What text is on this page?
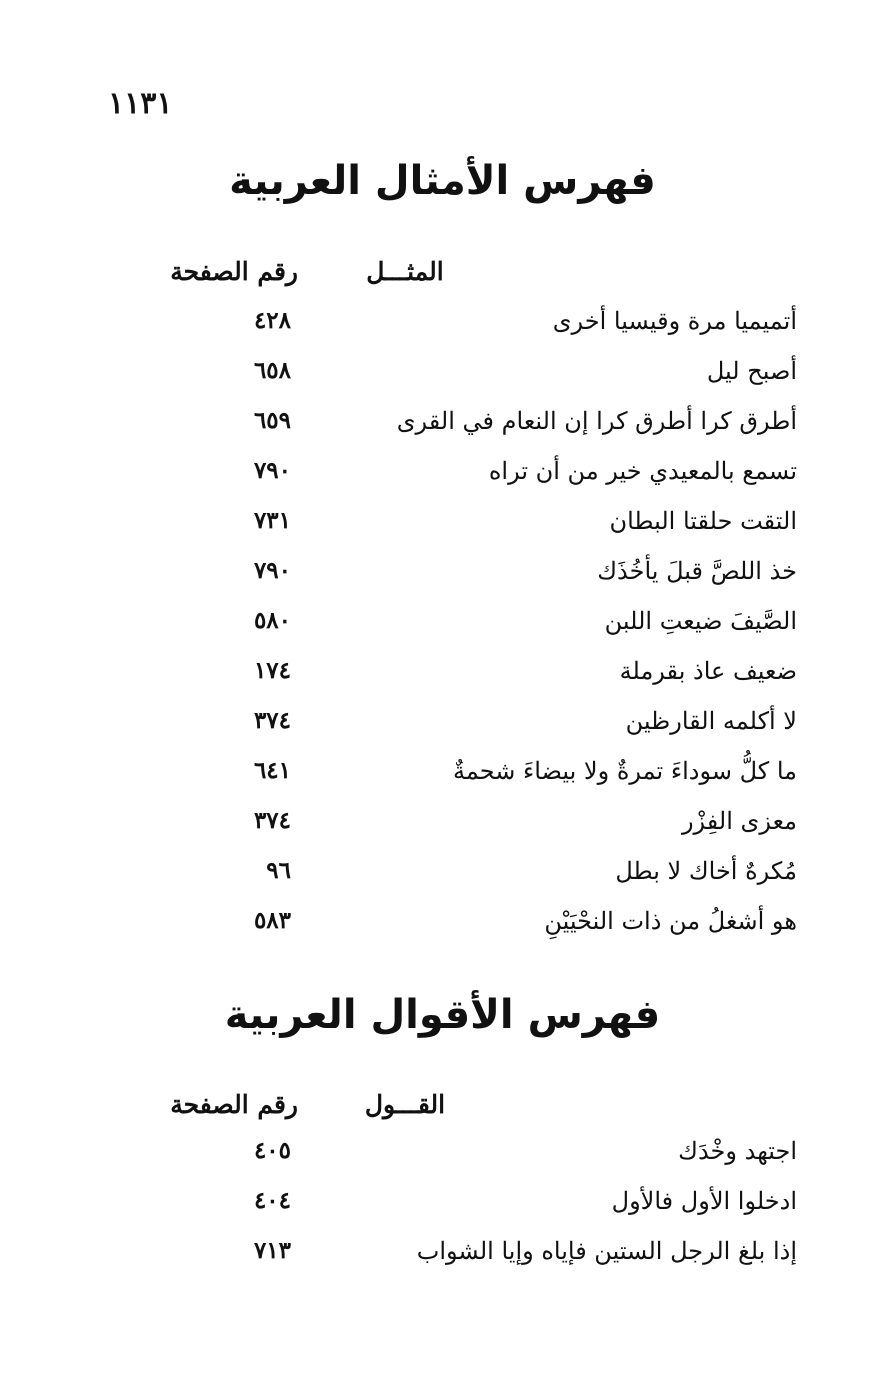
١١٣١
فهرس الأمثال العربية
المثـــل
رقم الصفحة
أتميميا مرة وقيسيا أخرى
٤٢٨
أصبح ليل
٦٥٨
أطرق كرا أطرق كرا إن النعام في القرى
٦٥٩
تسمع بالمعيدي خير من أن تراه
٧٩٠
التقت حلقتا البطان
٧٣١
خذ اللصَّ قبلَ يأخُذَك
٧٩٠
الصَّيفَ ضيعتِ اللبن
٥٨٠
ضعيف عاذ بقرملة
١٧٤
لا أكلمه القارظين
٣٧٤
ما كلُّ سوداءَ تمرةٌ ولا بيضاءَ شحمةٌ
٦٤١
معزى الفِزْر
٣٧٤
مُكرهٌ أخاك لا بطل
٩٦
هو أشغلُ من ذات النحْيَيْنِ
٥٨٣
فهرس الأقوال العربية
القـــول
رقم الصفحة
اجتهد وخْدَك
٤٠٥
ادخلوا الأول فالأول
٤٠٤
إذا بلغ الرجل الستين فإياه وإيا الشواب
٧١٣
